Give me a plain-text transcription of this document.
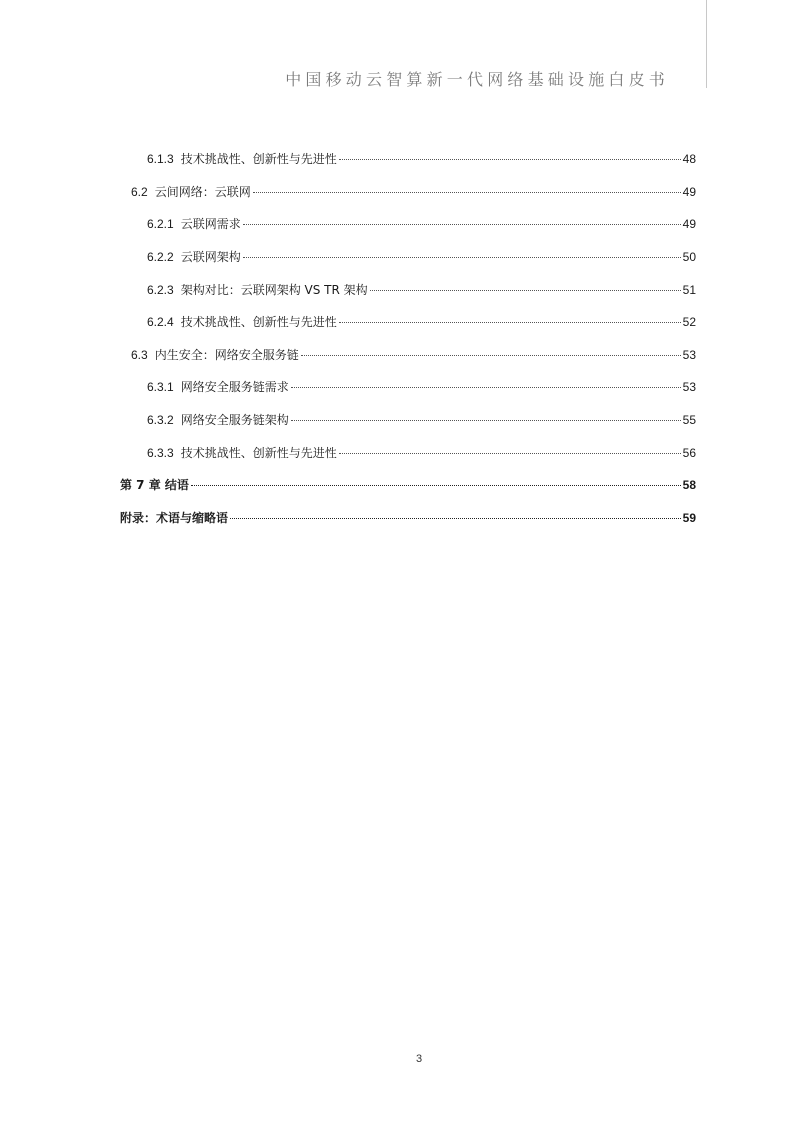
中国移动云智算新一代网络基础设施白皮书
6.1.3 技术挑战性、创新性与先进性	48
6.2 云间网络：云联网	49
6.2.1 云联网需求	49
6.2.2 云联网架构	50
6.2.3 架构对比：云联网架构 VS TR 架构	51
6.2.4 技术挑战性、创新性与先进性	52
6.3 内生安全：网络安全服务链	53
6.3.1 网络安全服务链需求	53
6.3.2 网络安全服务链架构	55
6.3.3 技术挑战性、创新性与先进性	56
第 7 章 结语	58
附录：术语与缩略语	59
3
